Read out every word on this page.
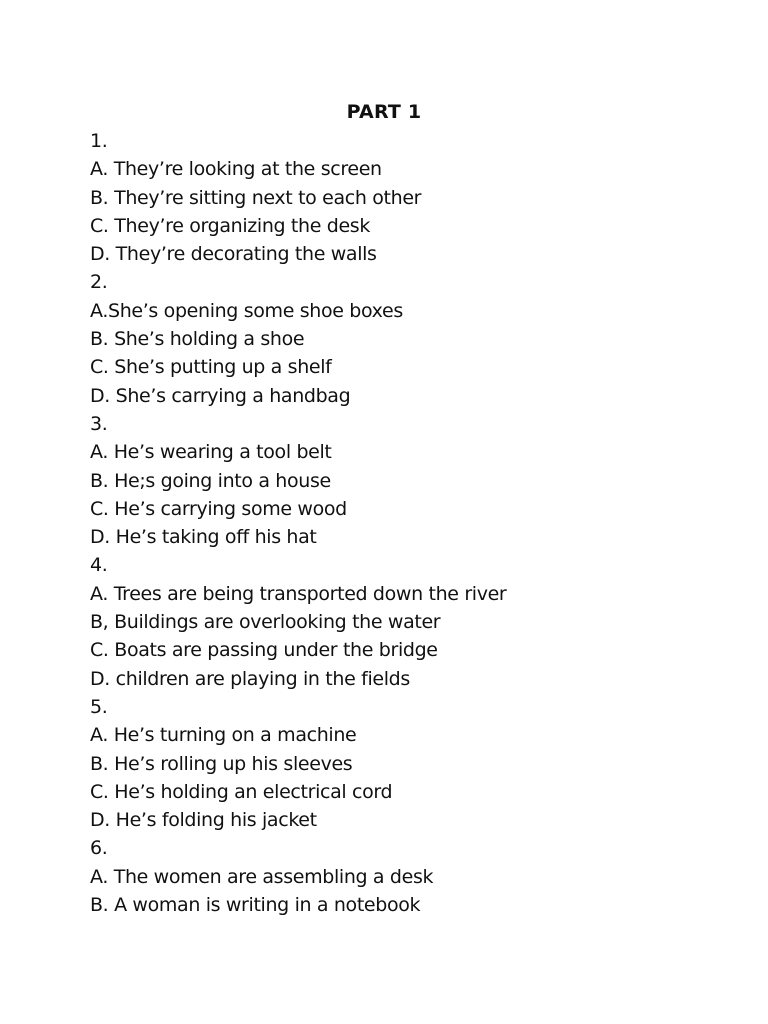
PART 1
1.
A. They’re looking at the screen
B. They’re sitting next to each other
C. They’re organizing the desk
D. They’re decorating the walls
2.
A.She’s opening some shoe boxes
B. She’s holding a shoe
C. She’s putting up a shelf
D. She’s carrying a handbag
3.
A. He’s wearing a tool belt
B. He;s going into a house
C. He’s carrying some wood
D. He’s taking off his hat
4.
A. Trees are being transported down the river
B, Buildings are overlooking the water
C. Boats are passing under the bridge
D. children are playing in the fields
5.
A. He’s turning on a machine
B. He’s rolling up his sleeves
C. He’s holding an electrical cord
D. He’s folding his jacket
6.
A. The women are assembling a desk
B. A woman is writing in a notebook
